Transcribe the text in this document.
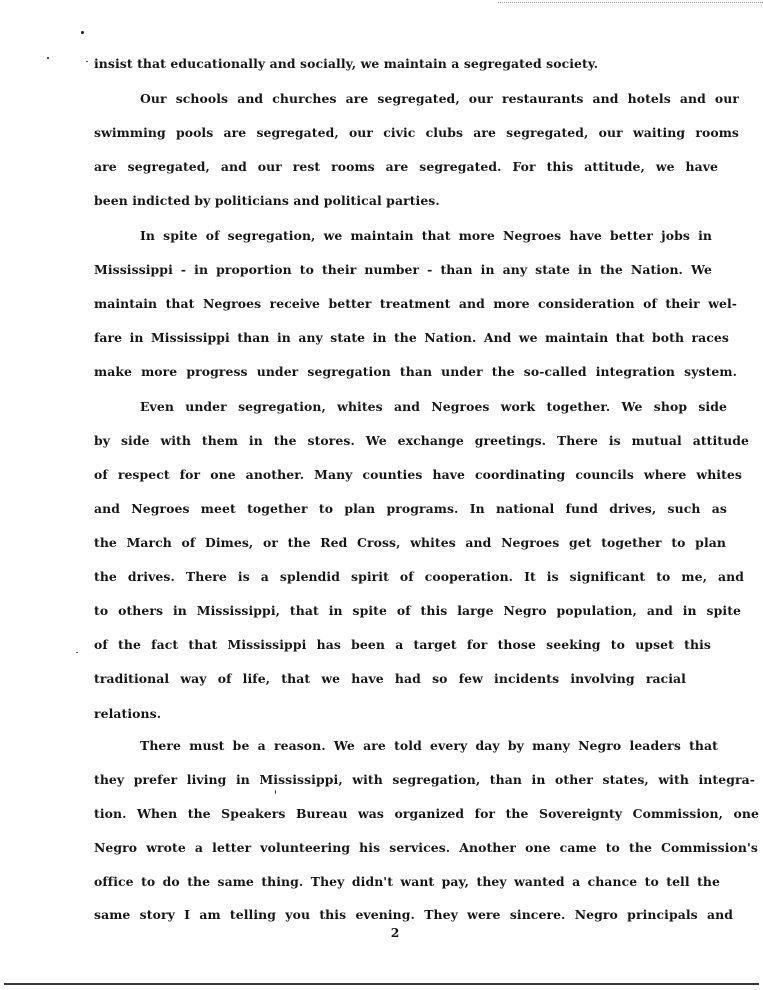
insist that educationally and socially, we maintain a segregated society.
Our schools and churches are segregated, our restaurants and hotels and our
swimming pools are segregated, our civic clubs are segregated, our waiting rooms
are segregated, and our rest rooms are segregated. For this attitude, we have
been indicted by politicians and political parties.
In spite of segregation, we maintain that more Negroes have better jobs in
Mississippi - in proportion to their number - than in any state in the Nation. We
maintain that Negroes receive better treatment and more consideration of their wel-
fare in Mississippi than in any state in the Nation. And we maintain that both races
make more progress under segregation than under the so-called integration system.
Even under segregation, whites and Negroes work together. We shop side
by side with them in the stores. We exchange greetings. There is mutual attitude
of respect for one another. Many counties have coordinating councils where whites
and Negroes meet together to plan programs. In national fund drives, such as
the March of Dimes, or the Red Cross, whites and Negroes get together to plan
the drives. There is a splendid spirit of cooperation. It is significant to me, and
to others in Mississippi, that in spite of this large Negro population, and in spite
of the fact that Mississippi has been a target for those seeking to upset this
traditional way of life, that we have had so few incidents involving racial
relations.
There must be a reason. We are told every day by many Negro leaders that
they prefer living in Mississippi, with segregation, than in other states, with integra-
tion. When the Speakers Bureau was organized for the Sovereignty Commission, one
Negro wrote a letter volunteering his services. Another one came to the Commission's
office to do the same thing. They didn't want pay, they wanted a chance to tell the
same story I am telling you this evening. They were sincere. Negro principals and
2
